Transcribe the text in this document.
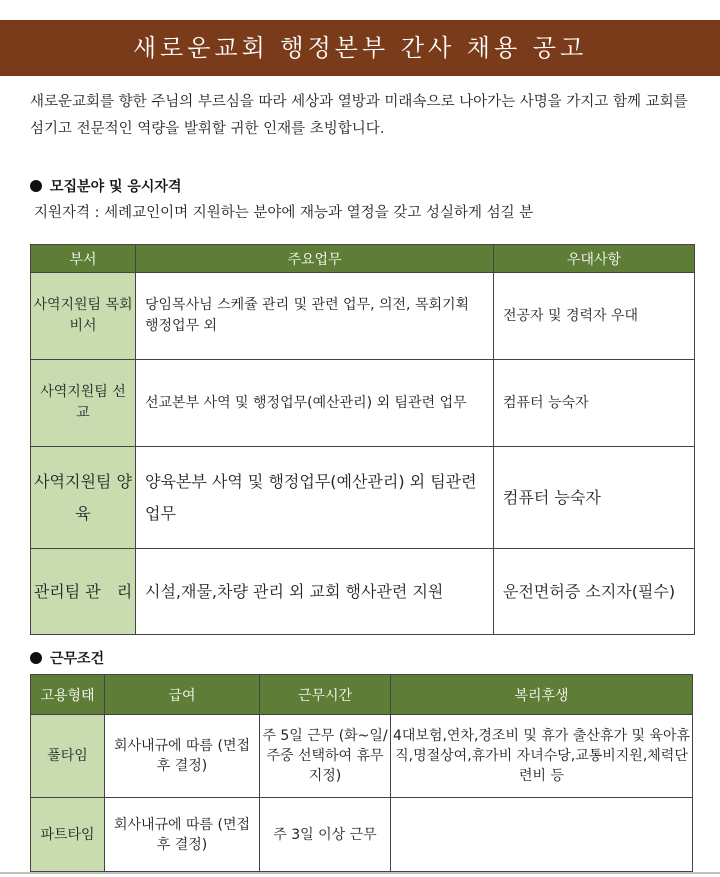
새로운교회 행정본부 간사 채용 공고
새로운교회를 향한 주님의 부르심을 따라 세상과 열방과 미래속으로 나아가는 사명을 가지고 함께 교회를 섬기고 전문적인 역량을 발휘할 귀한 인재를 초빙합니다.
모집분야 및 응시자격
지원자격 : 세례교인이며 지원하는 분야에 재능과 열정을 갖고 성실하게 섬길 분
부서	주요업무	우대사항
사역지원팀 목회비서	당임목사님 스케쥴 관리 및 관련 업무, 의전, 목회기획 행정업무 외	전공자 및 경력자 우대
사역지원팀 선　교	선교본부 사역 및 행정업무(예산관리) 외 팀관련 업무	컴퓨터 능숙자
사역지원팀 양　육	양육본부 사역 및 행정업무(예산관리) 외 팀관련 업무	컴퓨터 능숙자
관리팀 관　리	시설,재물,차량 관리 외 교회 행사관련 지원	운전면허증 소지자(필수)
근무조건
고용형태	급여	근무시간	복리후생
풀타임	회사내규에 따름 (면접 후 결정)	주 5일 근무 (화~일/주중 선택하여 휴무 지정)	4대보험,연차,경조비 및 휴가 출산휴가 및 육아휴직,명절상여,휴가비 자녀수당,교통비지원,체력단련비 등
파트타임	회사내규에 따름 (면접 후 결정)	주 3일 이상 근무	
